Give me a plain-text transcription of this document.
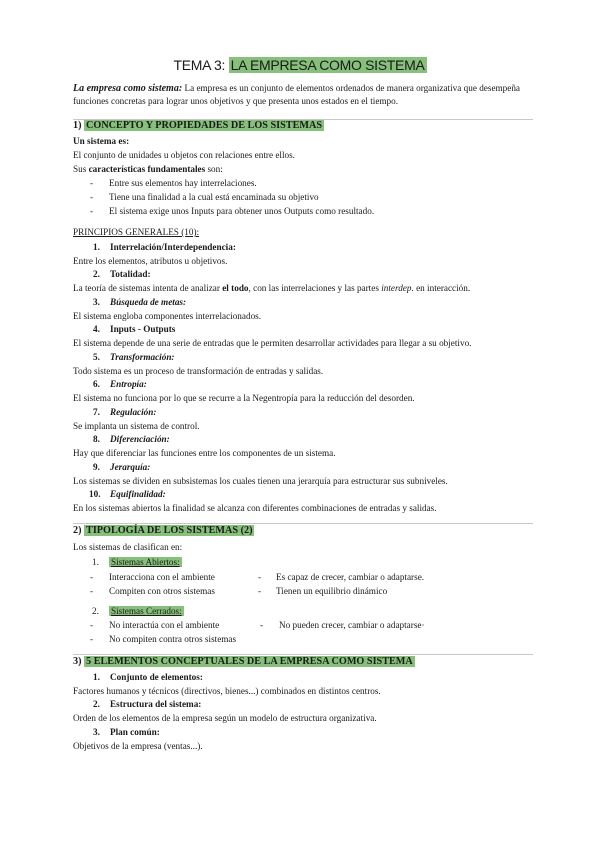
TEMA 3: LA EMPRESA COMO SISTEMA
La empresa como sistema: La empresa es un conjunto de elementos ordenados de manera organizativa que desempeña funciones concretas para lograr unos objetivos y que presenta unos estados en el tiempo.
1) CONCEPTO Y PROPIEDADES DE LOS SISTEMAS
Un sistema es:
El conjunto de unidades u objetos con relaciones entre ellos.
Sus características fundamentales son:
- Entre sus elementos hay interrelaciones.
- Tiene una finalidad a la cual está encaminada su objetivo
- El sistema exige unos Inputs para obtener unos Outputs como resultado.
PRINCIPIOS GENERALES (10):
1. Interrelación/Interdependencia:
Entre los elementos, atributos u objetivos.
2. Totalidad:
La teoría de sistemas intenta de analizar el todo, con las interrelaciones y las partes interdep. en interacción.
3. Búsqueda de metas:
El sistema engloba componentes interrelacionados.
4. Inputs - Outputs
El sistema depende de una serie de entradas que le permiten desarrollar actividades para llegar a su objetivo.
5. Transformación:
Todo sistema es un proceso de transformación de entradas y salidas.
6. Entropía:
El sistema no funciona por lo que se recurre a la Negentropía para la reducción del desorden.
7. Regulación:
Se implanta un sistema de control.
8. Diferenciación:
Hay que diferenciar las funciones entre los componentes de un sistema.
9. Jerarquía:
Los sistemas se dividen en subsistemas los cuales tienen una jerarquía para estructurar sus subniveles.
10. Equifinalidad:
En los sistemas abiertos la finalidad se alcanza con diferentes combinaciones de entradas y salidas.
2) TIPOLOGÍA DE LOS SISTEMAS (2)
Los sistemas de clasifican en:
1. Sistemas Abiertos:
- Interacciona con el ambiente	- Es capaz de crecer, cambiar o adaptarse.
- Compiten con otros sistemas	- Tienen un equilibrio dinámico
2. Sistemas Cerrados:
- No interactúa con el ambiente	- No pueden crecer, cambiar o adaptarse·
- No compiten contra otros sistemas
3) 5 ELEMENTOS CONCEPTUALES DE LA EMPRESA COMO SISTEMA
1. Conjunto de elementos:
Factores humanos y técnicos (directivos, bienes...) combinados en distintos centros.
2. Estructura del sistema:
Orden de los elementos de la empresa según un modelo de estructura organizativa.
3. Plan común:
Objetivos de la empresa (ventas...).
